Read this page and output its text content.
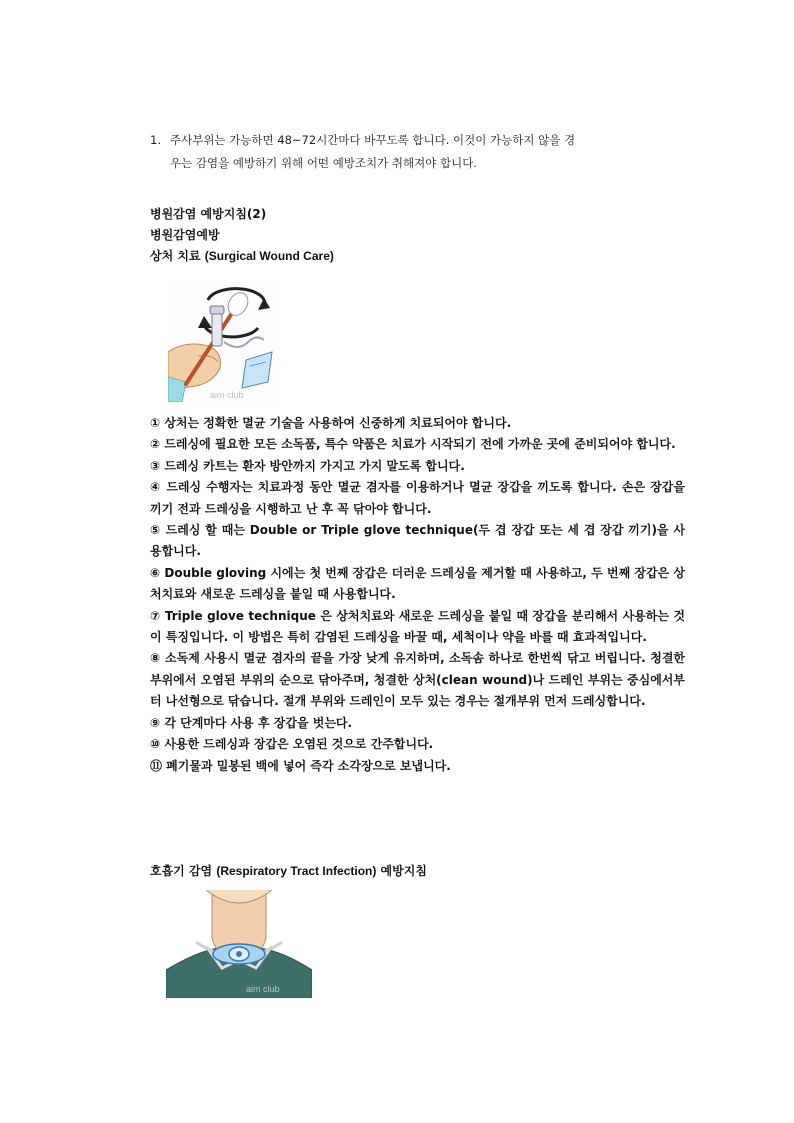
1. 주사부위는 가능하면 48~72시간마다 바꾸도록 합니다. 이것이 가능하지 않을 경
우는 감염을 예방하기 위해 어떤 예방조치가 취해져야 합니다.

병원감염 예방지침(2)

병원감염예방

상처 치료 (Surgical Wound Care)

aim club

① 상처는 정확한 멸균 기술을 사용하여 신중하게 치료되어야 합니다.

② 드레싱에 필요한 모든 소독품, 특수 약품은 치료가 시작되기 전에 가까운 곳에 준비되어야 합니다.

③ 드레싱 카트는 환자 방안까지 가지고 가지 말도록 합니다.

④ 드레싱 수행자는 치료과정 동안 멸균 겸자를 이용하거나 멸균 장갑을 끼도록 합니다. 손은 장갑을 끼기 전과 드레싱을 시행하고 난 후 꼭 닦아야 합니다.

⑤ 드레싱 할 때는 Double or Triple glove technique(두 겹 장갑 또는 세 겹 장갑 끼기)을 사용합니다.

⑥ Double gloving 시에는 첫 번째 장갑은 더러운 드레싱을 제거할 때 사용하고, 두 번째 장갑은 상처치료와 새로운 드레싱을 붙일 때 사용합니다.

⑦ Triple glove technique 은 상처치료와 새로운 드레싱을 붙일 때 장갑을 분리해서 사용하는 것이 특징입니다. 이 방법은 특히 감염된 드레싱을 바꿀 때, 세척이나 약을 바를 때 효과적입니다.

⑧ 소독제 사용시 멸균 겸자의 끝을 가장 낮게 유지하며, 소독솜 하나로 한번씩 닦고 버립니다. 청결한 부위에서 오염된 부위의 순으로 닦아주며, 청결한 상처(clean wound)나 드레인 부위는 중심에서부터 나선형으로 닦습니다. 절개 부위와 드레인이 모두 있는 경우는 절개부위 먼저 드레싱합니다.

⑨ 각 단계마다 사용 후 장갑을 벗는다.

⑩ 사용한 드레싱과 장갑은 오염된 것으로 간주합니다.

⑪ 폐기물과 밀봉된 백에 넣어 즉각 소각장으로 보냅니다.

호흡기 감염 (Respiratory Tract Infection) 예방지침

aim club
